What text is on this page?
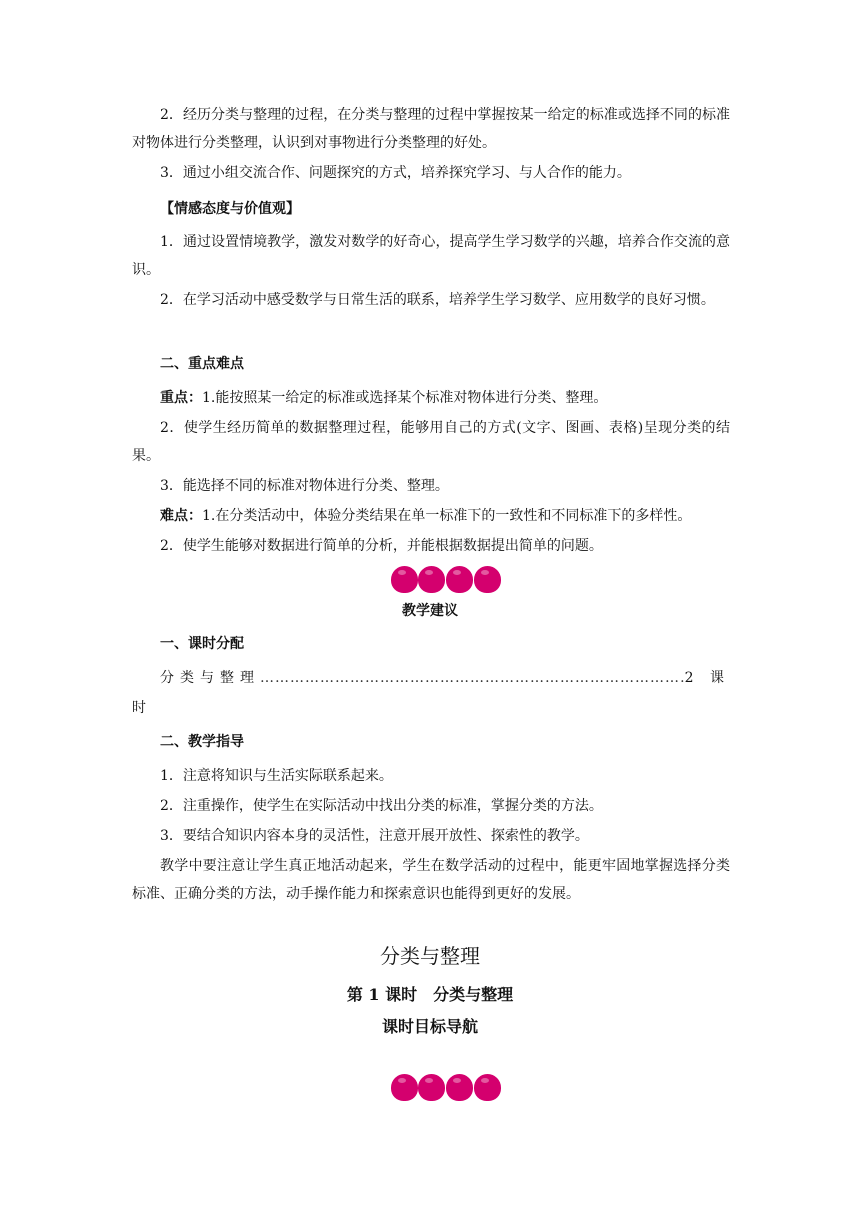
2．经历分类与整理的过程，在分类与整理的过程中掌握按某一给定的标准或选择不同的标准对物体进行分类整理，认识到对事物进行分类整理的好处。

3．通过小组交流合作、问题探究的方式，培养探究学习、与人合作的能力。

【情感态度与价值观】

1．通过设置情境教学，激发对数学的好奇心，提高学生学习数学的兴趣，培养合作交流的意识。

2．在学习活动中感受数学与日常生活的联系，培养学生学习数学、应用数学的良好习惯。

二、重点难点

重点：1.能按照某一给定的标准或选择某个标准对物体进行分类、整理。

2．使学生经历简单的数据整理过程，能够用自己的方式(文字、图画、表格)呈现分类的结果。

3．能选择不同的标准对物体进行分类、整理。

难点：1.在分类活动中，体验分类结果在单一标准下的一致性和不同标准下的多样性。

2．使学生能够对数据进行简单的分析，并能根据数据提出简单的问题。

教学建议

一、课时分配

分类与整理
……………………………………………………………………………………………………………………………………………………………………	2 课
时

二、教学指导

1．注意将知识与生活实际联系起来。

2．注重操作，使学生在实际活动中找出分类的标准，掌握分类的方法。

3．要结合知识内容本身的灵活性，注意开展开放性、探索性的教学。

教学中要注意让学生真正地活动起来，学生在数学活动的过程中，能更牢固地掌握选择分类标准、正确分类的方法，动手操作能力和探索意识也能得到更好的发展。

分类与整理
第 1 课时　分类与整理
课时目标导航
